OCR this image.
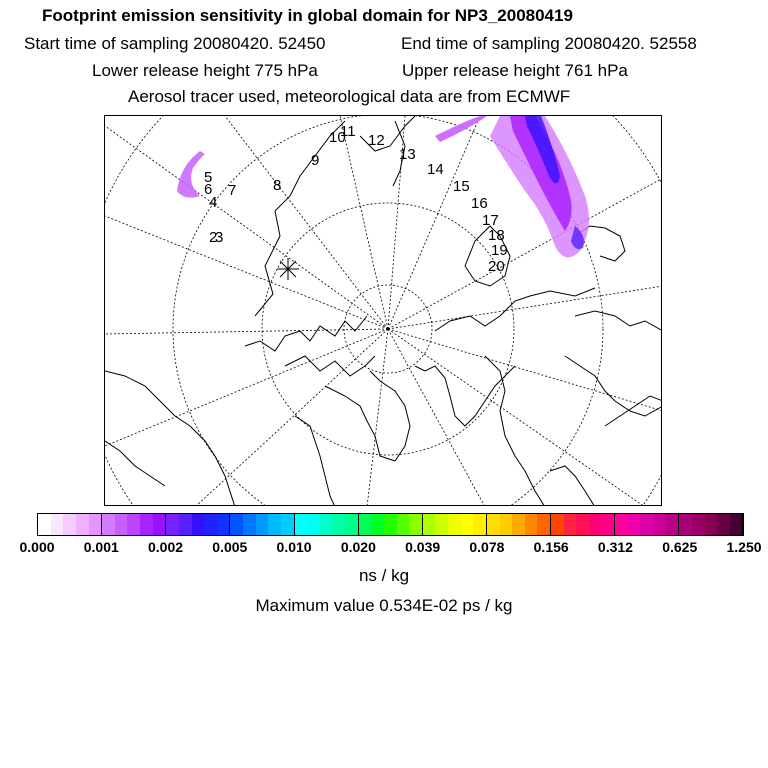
Footprint emission sensitivity in global domain for NP3_20080419
Start time of sampling 20080420. 52450	End time of sampling 20080420. 52558
Lower release height 775 hPa	Upper release height 761 hPa
Aerosol tracer used, meteorological data are from ECMWF
2
3
4
5
6 7 8
9
10
11
12
13
14
15
16
17
18
19
20
0.000 0.001 0.002 0.005 0.010 0.020 0.039 0.078 0.156 0.312 0.625 1.250
ns / kg
Maximum value 0.534E-02 ps / kg
